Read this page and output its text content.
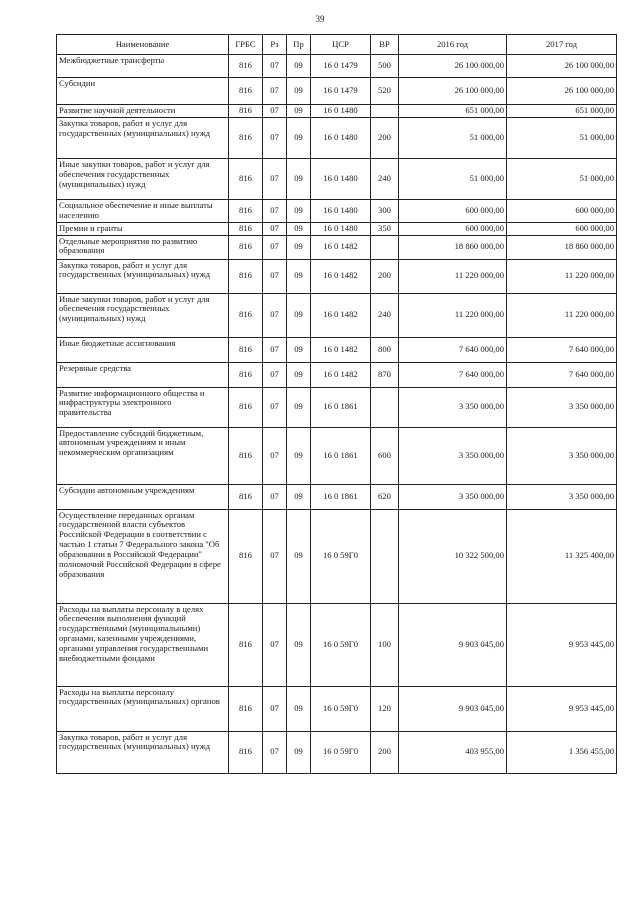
39
Наименование	ГРБС	Рз	Пр	ЦСР	ВР	2016 год	2017 год
Межбюджетные трансферты	816	07	09	16 0 1479	500	26 100 000,00	26 100 000,00
Субсидии	816	07	09	16 0 1479	520	26 100 000,00	26 100 000,00
Развитие научной деятельности	816	07	09	16 0 1480		651 000,00	651 000,00
Закупка товаров, работ и услуг для государственных (муниципальных) нужд	816	07	09	16 0 1480	200	51 000,00	51 000,00
Иные закупки товаров, работ и услуг для обеспечения государственных (муниципальных) нужд	816	07	09	16 0 1480	240	51 000,00	51 000,00
Социальное обеспечение и иные выплаты населению	816	07	09	16 0 1480	300	600 000,00	600 000,00
Премии и гранты	816	07	09	16 0 1480	350	600 000,00	600 000,00
Отдельные мероприятия по развитию образования	816	07	09	16 0 1482		18 860 000,00	18 860 000,00
Закупка товаров, работ и услуг для государственных (муниципальных) нужд	816	07	09	16 0 1482	200	11 220 000,00	11 220 000,00
Иные закупки товаров, работ и услуг для обеспечения государственных (муниципальных) нужд	816	07	09	16 0 1482	240	11 220 000,00	11 220 000,00
Иные бюджетные ассигнования	816	07	09	16 0 1482	800	7 640 000,00	7 640 000,00
Резервные средства	816	07	09	16 0 1482	870	7 640 000,00	7 640 000,00
Развитие информационного общества и инфраструктуры электронного правительства	816	07	09	16 0 1861		3 350 000,00	3 350 000,00
Предоставление субсидий бюджетным, автономным учреждениям и иным некоммерческим организациям	816	07	09	16 0 1861	600	3 350 000,00	3 350 000,00
Субсидии автономным учреждениям	816	07	09	16 0 1861	620	3 350 000,00	3 350 000,00
Осуществление переданных органам государственной власти субъектов Российской Федерации в соответствии с частью 1 статьи 7 Федерального закона "Об образовании в Российской Федерации" полномочий Российской Федерации в сфере образования	816	07	09	16 0 59Г0		10 322 500,00	11 325 400,00
Расходы на выплаты персоналу в целях обеспечения выполнения функций государственными (муниципальными) органами, казенными учреждениями, органами управления государственными внебюджетными фондами	816	07	09	16 0 59Г0	100	9 903 045,00	9 953 445,00
Расходы на выплаты персоналу государственных (муниципальных) органов	816	07	09	16 0 59Г0	120	9 903 045,00	9 953 445,00
Закупка товаров, работ и услуг для государственных (муниципальных) нужд	816	07	09	16 0 59Г0	200	403 955,00	1 356 455,00
